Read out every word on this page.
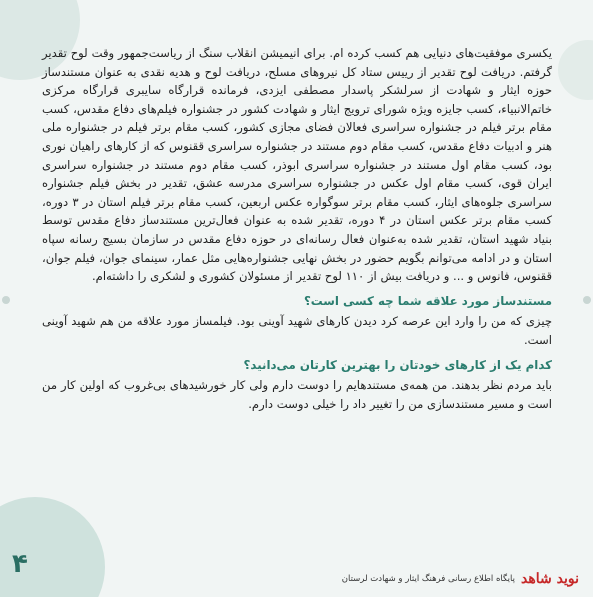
یکسری موفقیت‌های دنیایی هم کسب کرده ام. برای انیمیشن انقلاب سنگ از ریاست‌جمهور وقت لوح تقدیر گرفتم. دریافت لوح تقدیر از رییس ستاد کل نیروهای مسلح، دریافت لوح و هدیه نقدی به عنوان مستندساز حوزه ایثار و شهادت از سرلشکر پاسدار مصطفی ایزدی، فرمانده قرارگاه سایبری قرارگاه مرکزی خاتم‌الانبیاء، کسب جایزه ویژه شورای ترویج ایثار و شهادت کشور در جشنواره فیلم‌های دفاع مقدس، کسب مقام برتر فیلم در جشنواره سراسری فعالان فضای مجازی کشور، کسب مقام برتر فیلم در جشنواره ملی هنر و ادبیات دفاع مقدس، کسب مقام دوم مستند در جشنواره سراسری ققنوس که از کارهای راهیان نوری بود، کسب مقام اول مستند در جشنواره سراسری ابوذر، کسب مقام دوم مستند در جشنواره سراسری ایران قوی، کسب مقام اول عکس در جشنواره سراسری مدرسه عشق، تقدیر در بخش فیلم جشنواره سراسری جلوه‌های ایثار، کسب مقام برتر سوگواره عکس اربعین، کسب مقام برتر فیلم استان در ۳ دوره، کسب مقام برتر عکس استان در ۴ دوره، تقدیر شده به عنوان فعال‌ترین مستندساز دفاع مقدس توسط بنیاد شهید استان، تقدیر شده به‌عنوان فعال رسانه‌ای در حوزه دفاع مقدس در سازمان بسیج رسانه سپاه استان و در ادامه می‌توانم بگویم حضور در بخش نهایی جشنواره‌هایی مثل عمار، سینمای جوان، فیلم جوان، ققنوس، فانوس و ... و دریافت بیش از ۱۱۰ لوح تقدیر از مسئولان کشوری و لشکری را داشته‌ام.

مستندساز مورد علاقه شما چه کسی است؟

چیزی که من را وارد این عرصه کرد دیدن کارهای شهید آوینی بود. فیلمساز مورد علاقه من هم شهید آوینی است.

کدام یک از کارهای خودتان را بهترین کارتان می‌دانید؟

باید مردم نظر بدهند. من همه‌ی مستندهایم را دوست دارم ولی کار خورشیدهای بی‌غروب که اولین کار من است و مسیر مستندسازی من را تغییر داد را خیلی دوست دارم.

۴	نوید شاهد
پایگاه اطلاع رسانی فرهنگ ایثار و شهادت لرستان
